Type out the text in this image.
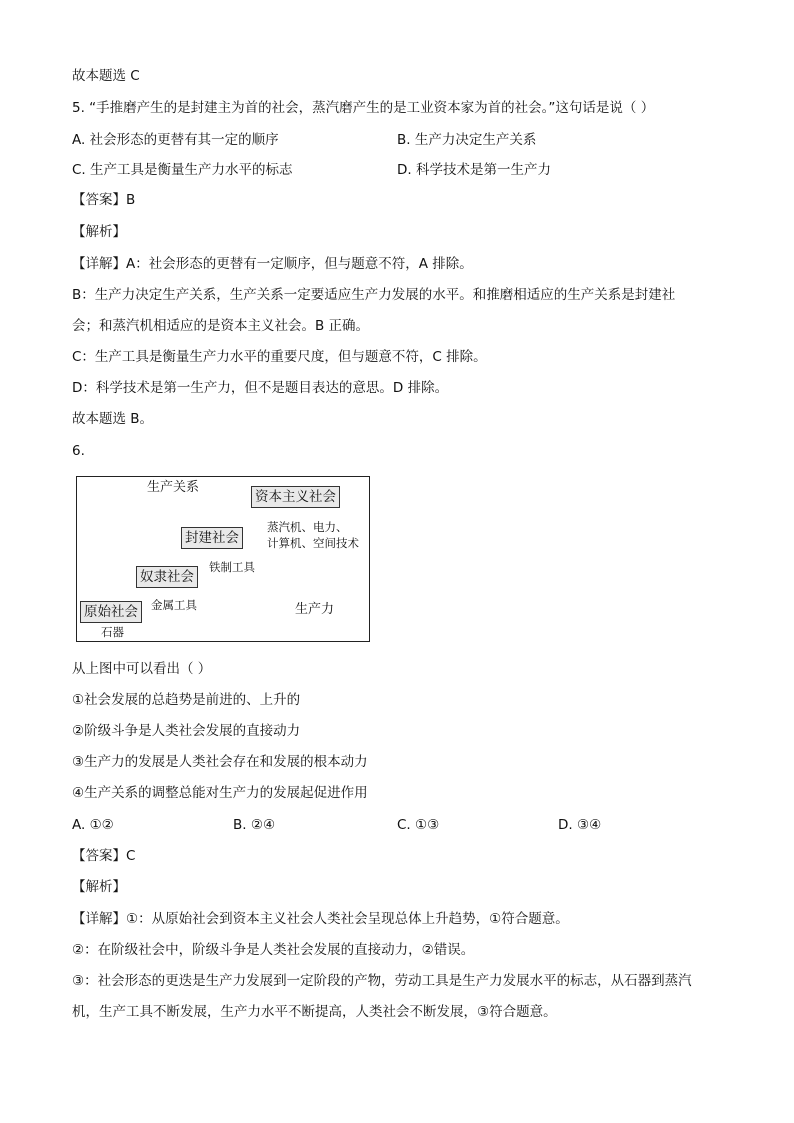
故本题选 C
5. “手推磨产生的是封建主为首的社会，蒸汽磨产生的是工业资本家为首的社会。”这句话是说（ ）
A. 社会形态的更替有其一定的顺序	B. 生产力决定生产关系
C. 生产工具是衡量生产力水平的标志	D. 科学技术是第一生产力
【答案】B
【解析】
【详解】A：社会形态的更替有一定顺序，但与题意不符，A 排除。
B：生产力决定生产关系，生产关系一定要适应生产力发展的水平。和推磨相适应的生产关系是封建社
会；和蒸汽机相适应的是资本主义社会。B 正确。
C：生产工具是衡量生产力水平的重要尺度，但与题意不符，C 排除。
D：科学技术是第一生产力，但不是题目表达的意思。D 排除。
故本题选 B。
6.
生产关系
生产力
原始社会
奴隶社会
封建社会
资本主义社会
石器
金属工具
铁制工具
蒸汽机、电力、
计算机、空间技术
从上图中可以看出（ ）
①社会发展的总趋势是前进的、上升的
②阶级斗争是人类社会发展的直接动力
③生产力的发展是人类社会存在和发展的根本动力
④生产关系的调整总能对生产力的发展起促进作用
A. ①②	B. ②④	C. ①③	D. ③④
【答案】C
【解析】
【详解】①：从原始社会到资本主义社会人类社会呈现总体上升趋势，①符合题意。
②：在阶级社会中，阶级斗争是人类社会发展的直接动力，②错误。
③：社会形态的更迭是生产力发展到一定阶段的产物，劳动工具是生产力发展水平的标志，从石器到蒸汽
机，生产工具不断发展，生产力水平不断提高，人类社会不断发展，③符合题意。
